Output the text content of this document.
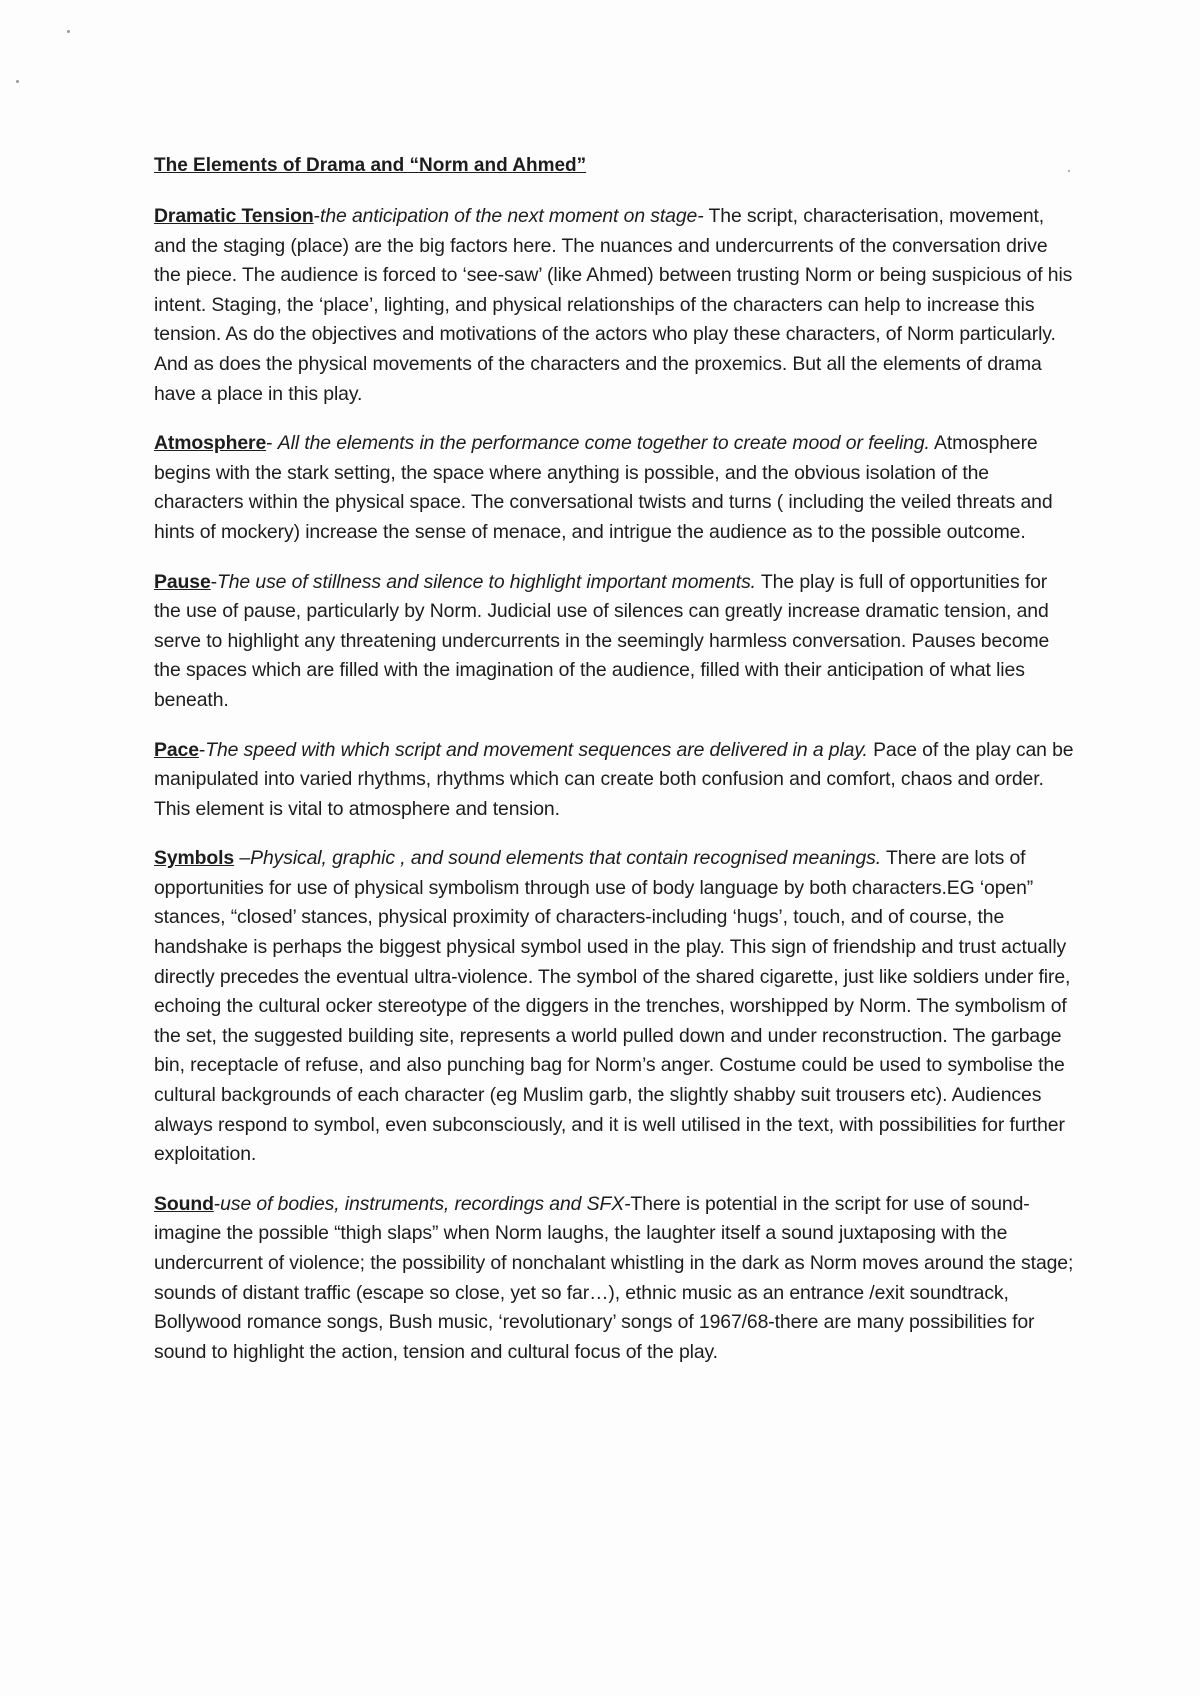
The Elements of Drama and “Norm and Ahmed”

Dramatic Tension-the anticipation of the next moment on stage- The script, characterisation, movement, and the staging (place) are the big factors here. The nuances and undercurrents of the conversation drive the piece. The audience is forced to ‘see-saw’ (like Ahmed) between trusting Norm or being suspicious of his intent. Staging, the ‘place’, lighting, and physical relationships of the characters can help to increase this tension. As do the objectives and motivations of the actors who play these characters, of Norm particularly. And as does the physical movements of the characters and the proxemics. But all the elements of drama have a place in this play.

Atmosphere- All the elements in the performance come together to create mood or feeling. Atmosphere begins with the stark setting, the space where anything is possible, and the obvious isolation of the characters within the physical space. The conversational twists and turns ( including the veiled threats and hints of mockery) increase the sense of menace, and intrigue the audience as to the possible outcome.

Pause-The use of stillness and silence to highlight important moments. The play is full of opportunities for the use of pause, particularly by Norm. Judicial use of silences can greatly increase dramatic tension, and serve to highlight any threatening undercurrents in the seemingly harmless conversation. Pauses become the spaces which are filled with the imagination of the audience, filled with their anticipation of what lies beneath.

Pace-The speed with which script and movement sequences are delivered in a play. Pace of the play can be manipulated into varied rhythms, rhythms which can create both confusion and comfort, chaos and order. This element is vital to atmosphere and tension.

Symbols –Physical, graphic , and sound elements that contain recognised meanings. There are lots of opportunities for use of physical symbolism through use of body language by both characters.EG ‘open” stances, “closed’ stances, physical proximity of characters-including ‘hugs’, touch, and of course, the handshake is perhaps the biggest physical symbol used in the play. This sign of friendship and trust actually directly precedes the eventual ultra-violence. The symbol of the shared cigarette, just like soldiers under fire, echoing the cultural ocker stereotype of the diggers in the trenches, worshipped by Norm. The symbolism of the set, the suggested building site, represents a world pulled down and under reconstruction. The garbage bin, receptacle of refuse, and also punching bag for Norm’s anger. Costume could be used to symbolise the cultural backgrounds of each character (eg Muslim garb, the slightly shabby suit trousers etc). Audiences always respond to symbol, even subconsciously, and it is well utilised in the text, with possibilities for further exploitation.

Sound-use of bodies, instruments, recordings and SFX-There is potential in the script for use of sound-imagine the possible “thigh slaps” when Norm laughs, the laughter itself a sound juxtaposing with the undercurrent of violence; the possibility of nonchalant whistling in the dark as Norm moves around the stage; sounds of distant traffic (escape so close, yet so far…), ethnic music as an entrance /exit soundtrack, Bollywood romance songs, Bush music, ‘revolutionary’ songs of 1967/68-there are many possibilities for sound to highlight the action, tension and cultural focus of the play.
